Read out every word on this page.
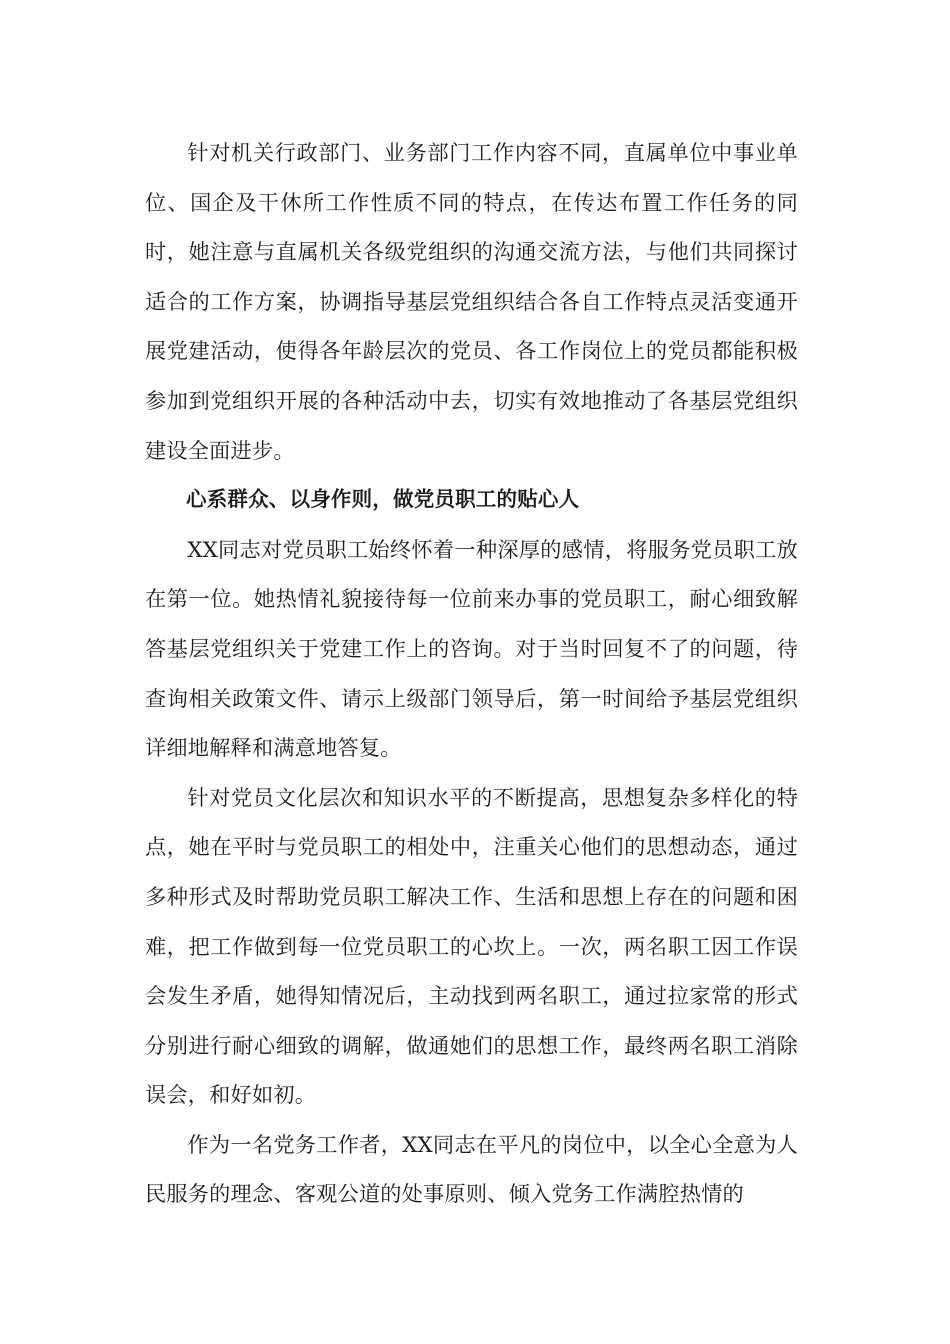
针对机关行政部门、业务部门工作内容不同，直属单位中事业单位、国企及干休所工作性质不同的特点，在传达布置工作任务的同时，她注意与直属机关各级党组织的沟通交流方法，与他们共同探讨适合的工作方案，协调指导基层党组织结合各自工作特点灵活变通开展党建活动，使得各年龄层次的党员、各工作岗位上的党员都能积极参加到党组织开展的各种活动中去，切实有效地推动了各基层党组织建设全面进步。

心系群众、以身作则，做党员职工的贴心人

XX同志对党员职工始终怀着一种深厚的感情，将服务党员职工放在第一位。她热情礼貌接待每一位前来办事的党员职工，耐心细致解答基层党组织关于党建工作上的咨询。对于当时回复不了的问题，待查询相关政策文件、请示上级部门领导后，第一时间给予基层党组织详细地解释和满意地答复。

针对党员文化层次和知识水平的不断提高，思想复杂多样化的特点，她在平时与党员职工的相处中，注重关心他们的思想动态，通过多种形式及时帮助党员职工解决工作、生活和思想上存在的问题和困难，把工作做到每一位党员职工的心坎上。一次，两名职工因工作误会发生矛盾，她得知情况后，主动找到两名职工，通过拉家常的形式分别进行耐心细致的调解，做通她们的思想工作，最终两名职工消除误会，和好如初。

作为一名党务工作者，XX同志在平凡的岗位中，以全心全意为人民服务的理念、客观公道的处事原则、倾入党务工作满腔热情的
